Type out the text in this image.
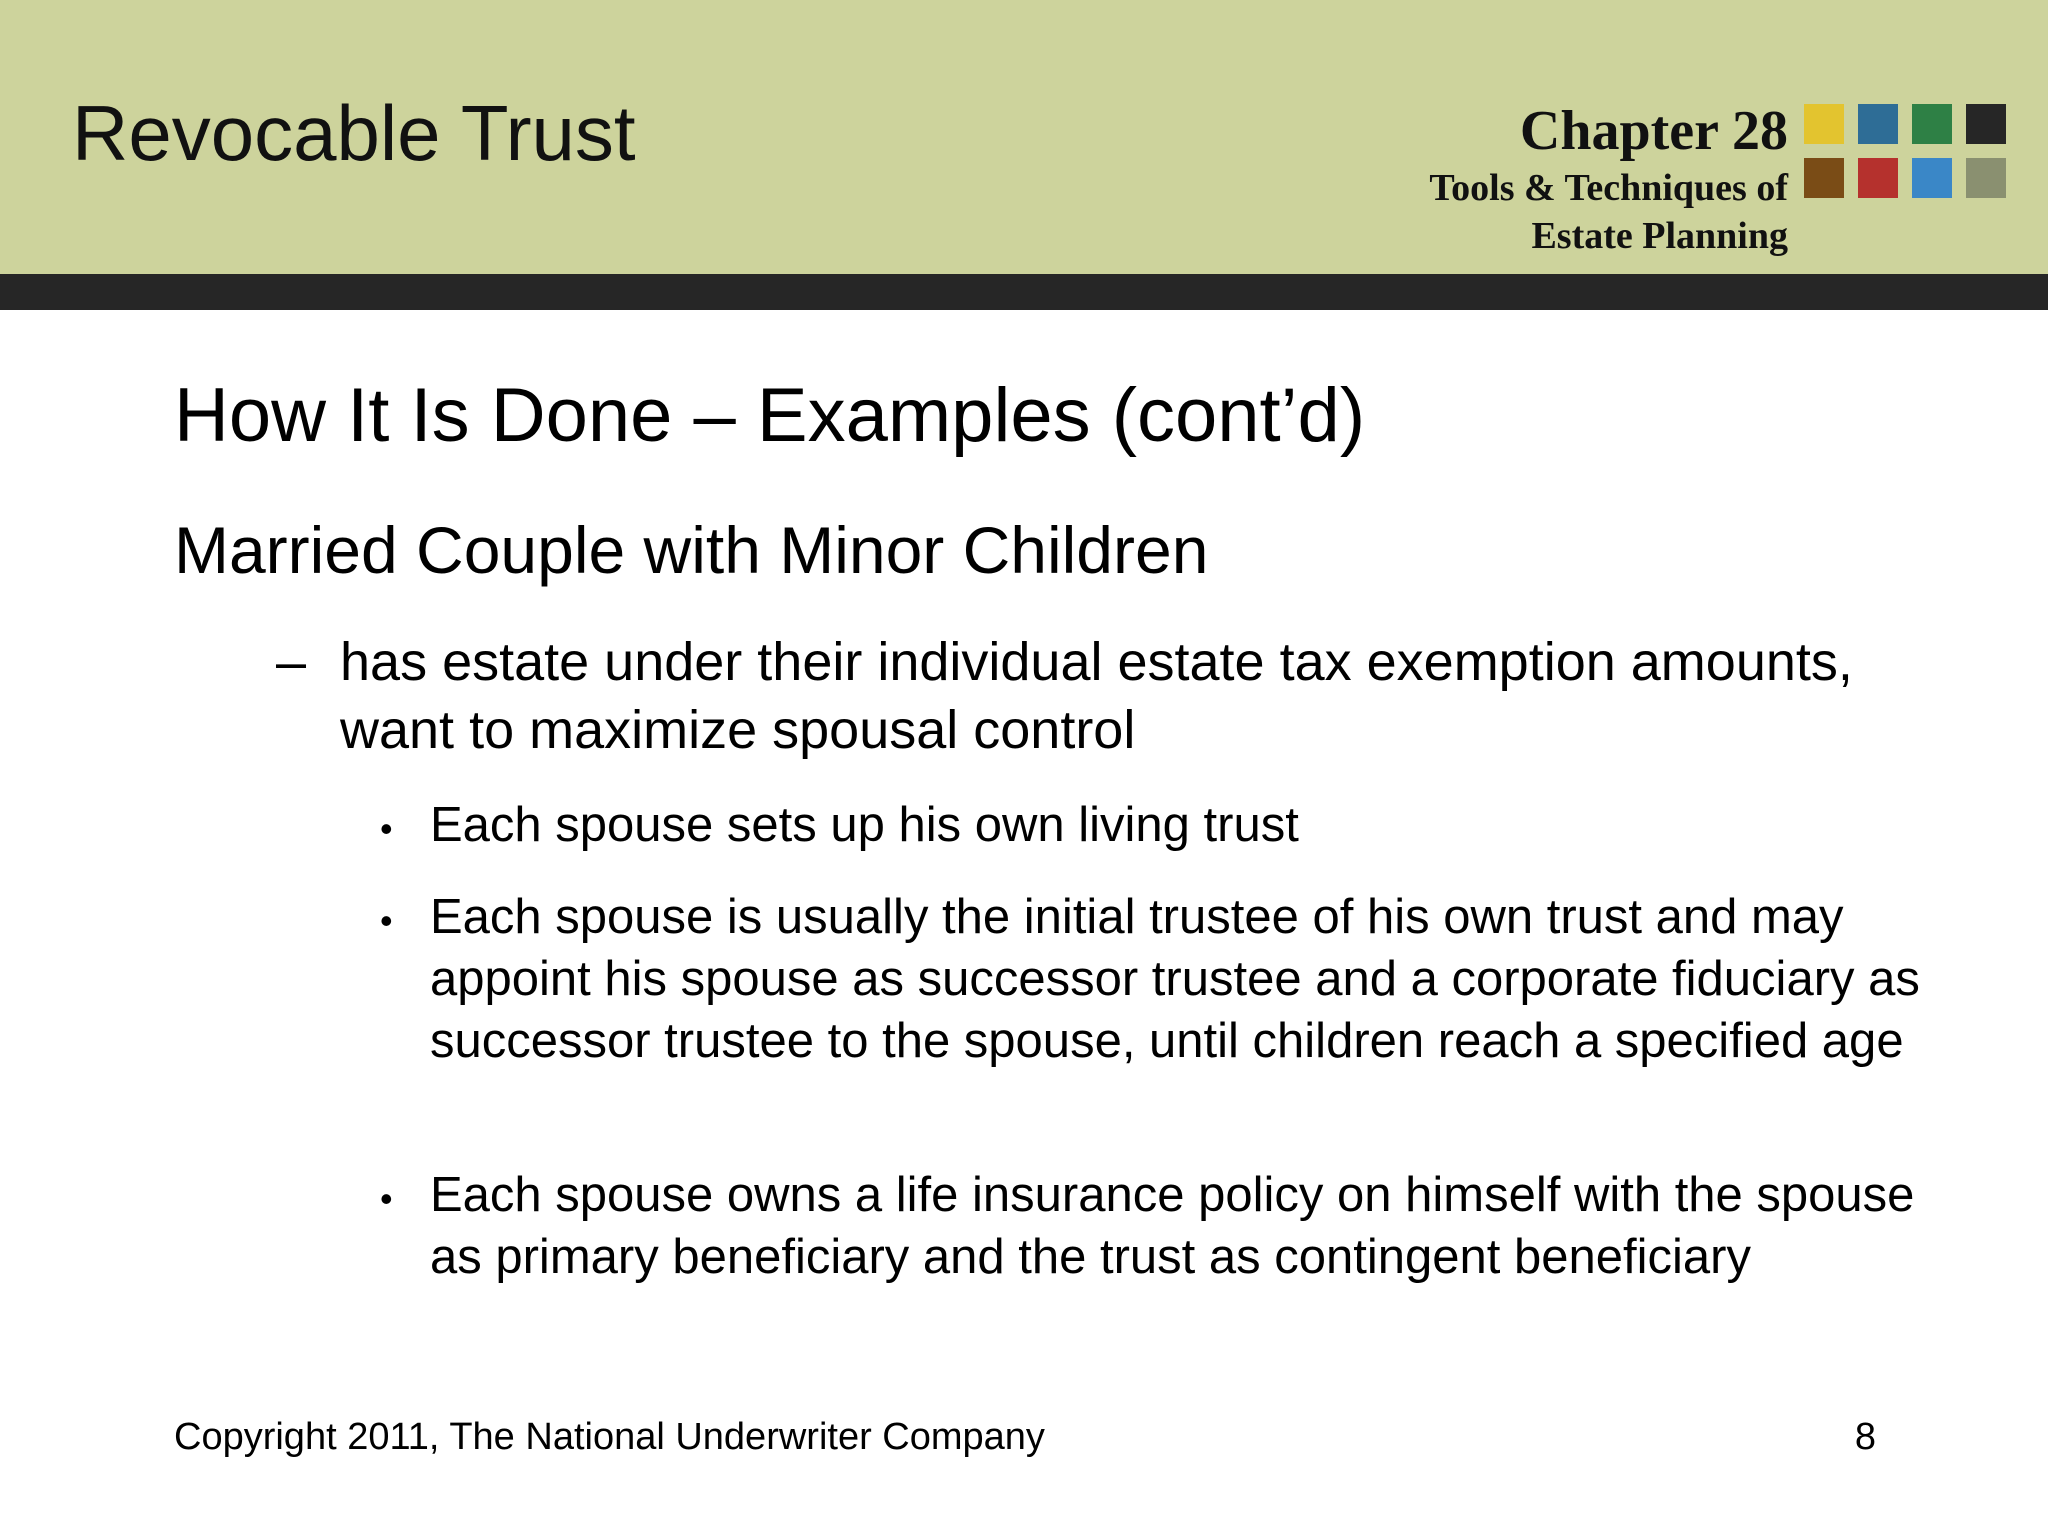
Revocable Trust	Chapter 28
Tools & Techniques of
Estate Planning
How It Is Done – Examples (cont’d)
Married Couple with Minor Children
– has estate under their individual estate tax exemption amounts, want to maximize spousal control
• Each spouse sets up his own living trust
• Each spouse is usually the initial trustee of his own trust and may appoint his spouse as successor trustee and a corporate fiduciary as successor trustee to the spouse, until children reach a specified age
• Each spouse owns a life insurance policy on himself with the spouse as primary beneficiary and the trust as contingent beneficiary
Copyright 2011, The National Underwriter Company	8
